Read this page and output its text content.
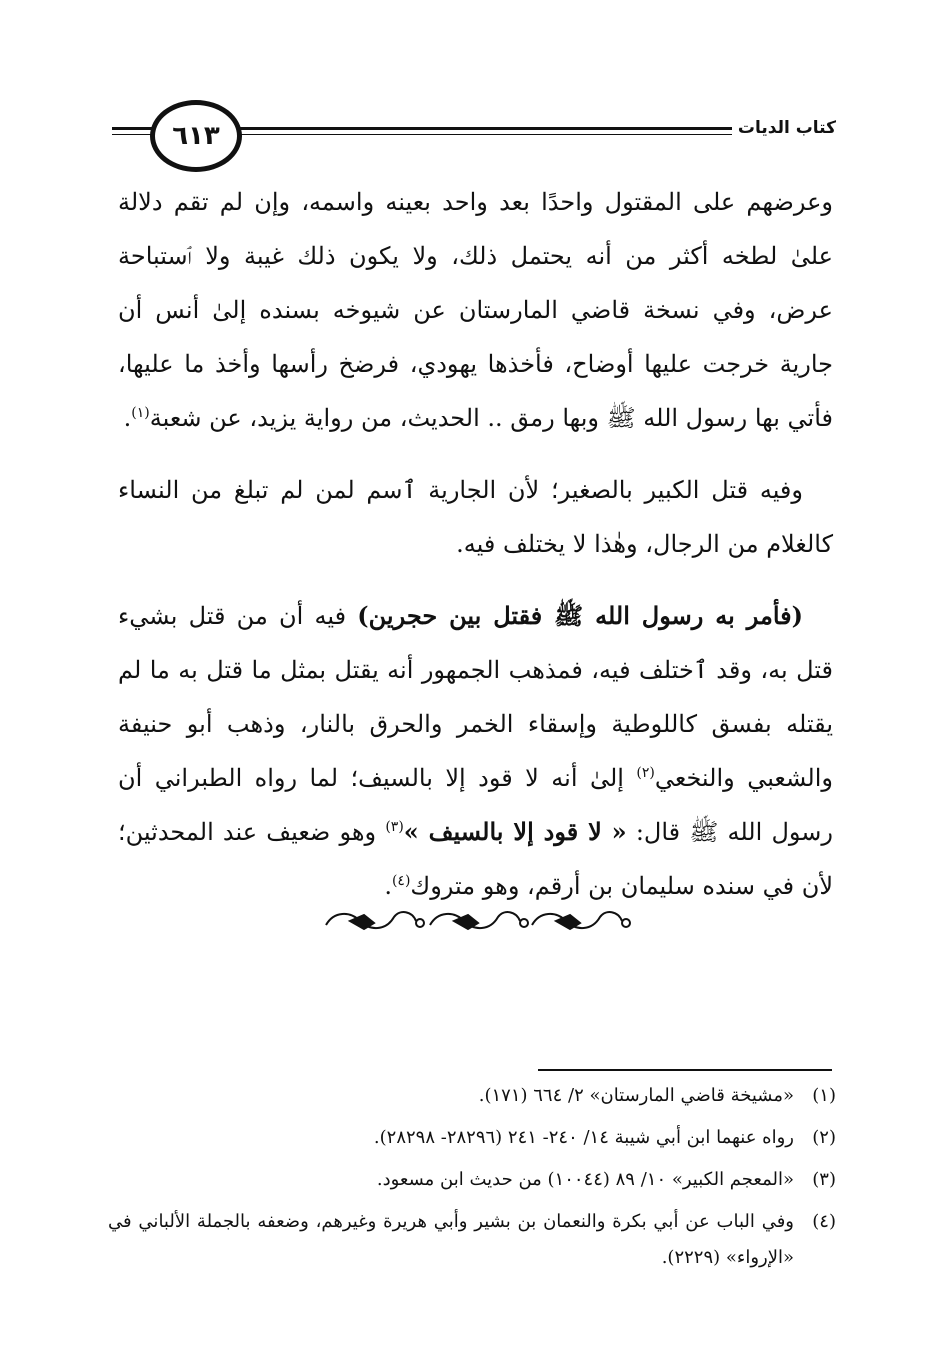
٦١٣	كتاب الديات

وعرضهم على المقتول واحدًا بعد واحد بعينه واسمه، وإن لم تقم دلالة علىٰ لطخه أكثر من أنه يحتمل ذلك، ولا يكون ذلك غيبة ولا ٱستباحة عرض، وفي نسخة قاضي المارستان عن شيوخه بسنده إلىٰ أنس أن جارية خرجت عليها أوضاح، فأخذها يهودي، فرضخ رأسها وأخذ ما عليها، فأتي بها رسول الله ﷺ وبها رمق .. الحديث، من رواية يزيد، عن شعبة$^{(١)}$.

وفيه قتل الكبير بالصغير؛ لأن الجارية ٱسم لمن لم تبلغ من النساء كالغلام من الرجال، وهٰذا لا يختلف فيه.

(فأمر به رسول الله ﷺ فقتل بين حجرين) فيه أن من قتل بشيء قتل به، وقد ٱختلف فيه، فمذهب الجمهور أنه يقتل بمثل ما قتل به ما لم يقتله بفسق كاللوطية وإسقاء الخمر والحرق بالنار، وذهب أبو حنيفة والشعبي والنخعي$^{(٢)}$ إلىٰ أنه لا قود إلا بالسيف؛ لما رواه الطبراني أن رسول الله ﷺ قال: « لا قود إلا بالسيف »$^{(٣)}$ وهو ضعيف عند المحدثين؛ لأن في سنده سليمان بن أرقم، وهو متروك$^{(٤)}$.

(١)
«مشيخة قاضي المارستان» ٢/ ٦٦٤ (١٧١).
(٢)
رواه عنهما ابن أبي شيبة ١٤/ ٢٤٠- ٢٤١ (٢٨٢٩٦- ٢٨٢٩٨).
(٣)
«المعجم الكبير» ١٠/ ٨٩ (١٠٠٤٤) من حديث ابن مسعود.
(٤)
وفي الباب عن أبي بكرة والنعمان بن بشير وأبي هريرة وغيرهم، وضعفه بالجملة الألباني في «الإرواء» (٢٢٢٩).
